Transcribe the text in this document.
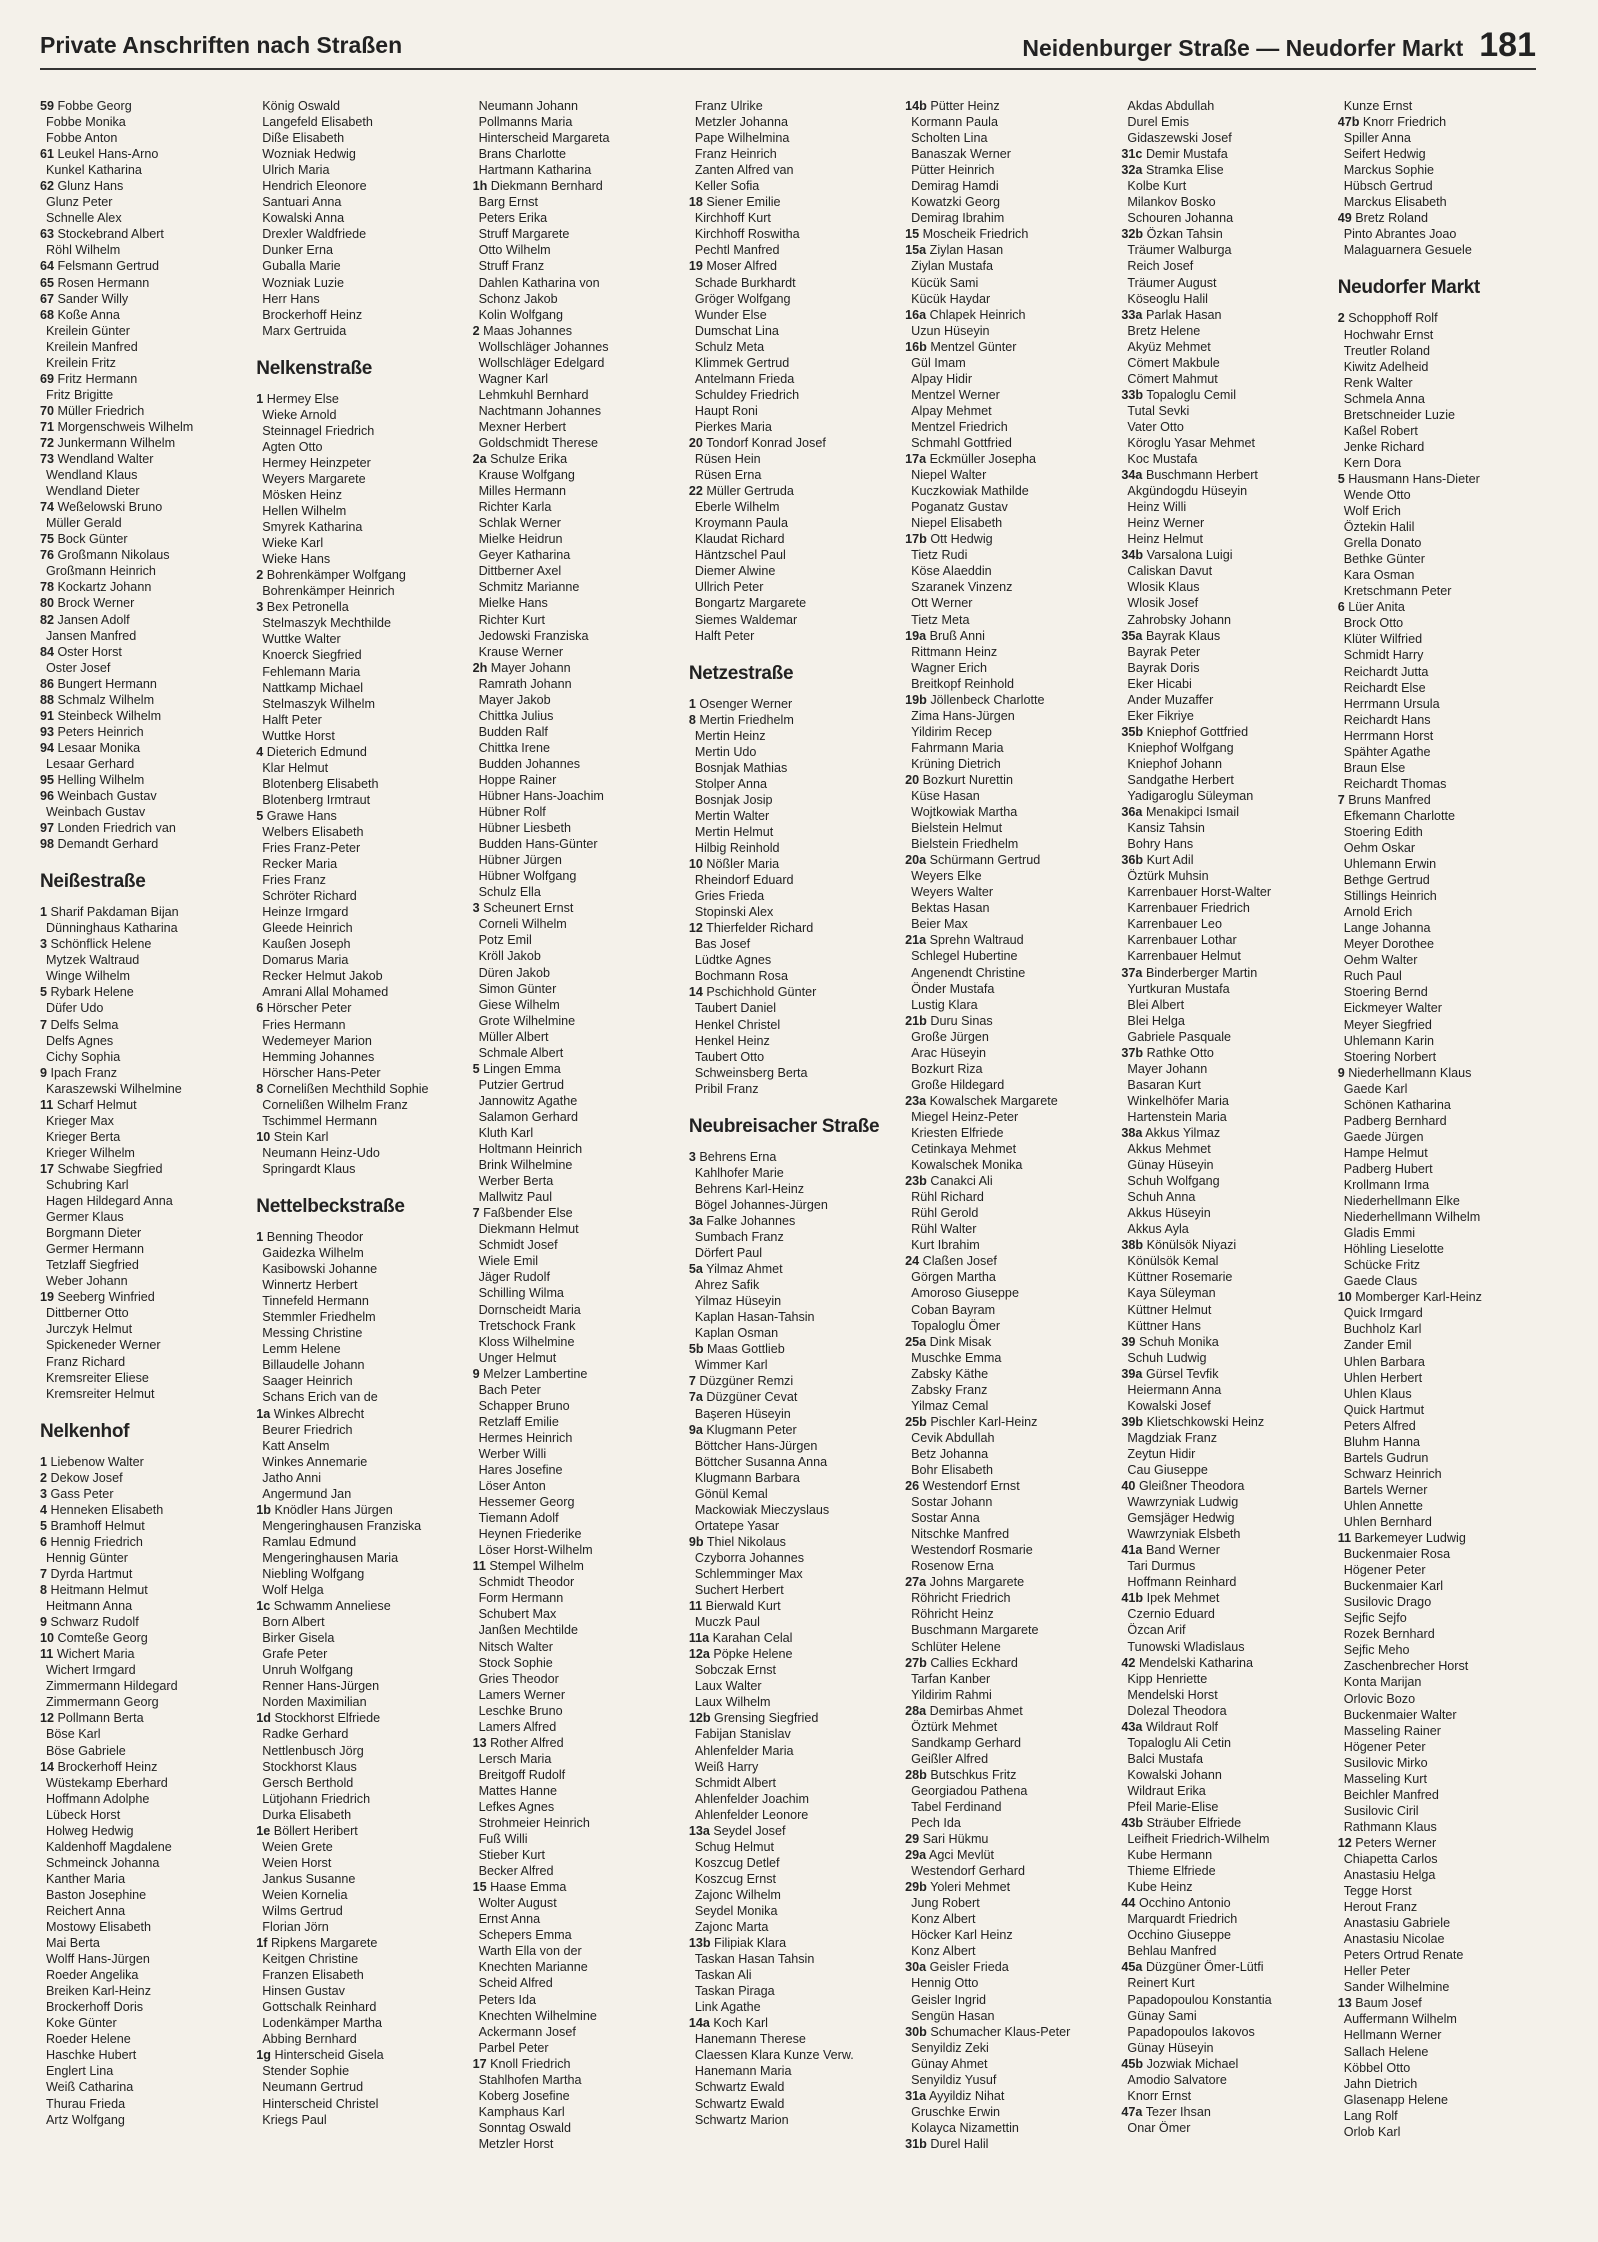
Private Anschriften nach Straßen	Neidenburger Straße — Neudorfer Markt 181
59 Fobbe Georg
Fobbe Monika
Fobbe Anton
61 Leukel Hans-Arno
Kunkel Katharina
62 Glunz Hans
Glunz Peter
Schnelle Alex
63 Stockebrand Albert
Röhl Wilhelm
64 Felsmann Gertrud
65 Rosen Hermann
67 Sander Willy
68 Koße Anna
Kreilein Günter
Kreilein Manfred
Kreilein Fritz
69 Fritz Hermann
Fritz Brigitte
70 Müller Friedrich
71 Morgenschweis Wilhelm
72 Junkermann Wilhelm
73 Wendland Walter
Wendland Klaus
Wendland Dieter
74 Weßelowski Bruno
Müller Gerald
75 Bock Günter
76 Großmann Nikolaus
Großmann Heinrich
78 Kockartz Johann
80 Brock Werner
82 Jansen Adolf
Jansen Manfred
84 Oster Horst
Oster Josef
86 Bungert Hermann
88 Schmalz Wilhelm
91 Steinbeck Wilhelm
93 Peters Heinrich
94 Lesaar Monika
Lesaar Gerhard
95 Helling Wilhelm
96 Weinbach Gustav
Weinbach Gustav
97 Londen Friedrich van
98 Demandt Gerhard
Neißestraße
1 Sharif Pakdaman Bijan
Dünninghaus Katharina
3 Schönflick Helene
Mytzek Waltraud
Winge Wilhelm
5 Rybark Helene
Düfer Udo
7 Delfs Selma
Delfs Agnes
Cichy Sophia
9 Ipach Franz
Karaszewski Wilhelmine
11 Scharf Helmut
Krieger Max
Krieger Berta
Krieger Wilhelm
17 Schwabe Siegfried
Schubring Karl
Hagen Hildegard Anna
Germer Klaus
Borgmann Dieter
Germer Hermann
Tetzlaff Siegfried
Weber Johann
19 Seeberg Winfried
Dittberner Otto
Jurczyk Helmut
Spickeneder Werner
Franz Richard
Kremsreiter Eliese
Kremsreiter Helmut
Nelkenhof
1 Liebenow Walter
2 Dekow Josef
3 Gass Peter
4 Henneken Elisabeth
5 Bramhoff Helmut
6 Hennig Friedrich
Hennig Günter
7 Dyrda Hartmut
8 Heitmann Helmut
Heitmann Anna
9 Schwarz Rudolf
10 Comteße Georg
11 Wichert Maria
Wichert Irmgard
Zimmermann Hildegard
Zimmermann Georg
12 Pollmann Berta
Böse Karl
Böse Gabriele
14 Brockerhoff Heinz
Wüstekamp Eberhard
Hoffmann Adolphe
Lübeck Horst
Holweg Hedwig
Kaldenhoff Magdalene
Schmeinck Johanna
Kanther Maria
Baston Josephine
Reichert Anna
Mostowy Elisabeth
Mai Berta
Wolff Hans-Jürgen
Roeder Angelika
Breiken Karl-Heinz
Brockerhoff Doris
Koke Günter
Roeder Helene
Haschke Hubert
Englert Lina
Weiß Catharina
Thurau Frieda
Artz Wolfgang
König Oswald
Langefeld Elisabeth
Diße Elisabeth
Wozniak Hedwig
Ulrich Maria
Hendrich Eleonore
Santuari Anna
Kowalski Anna
Drexler Waldfriede
Dunker Erna
Guballa Marie
Wozniak Luzie
Herr Hans
Brockerhoff Heinz
Marx Gertruida
Nelkenstraße
1 Hermey Else
Wieke Arnold
Steinnagel Friedrich
Agten Otto
Hermey Heinzpeter
Weyers Margarete
Mösken Heinz
Hellen Wilhelm
Smyrek Katharina
Wieke Karl
Wieke Hans
2 Bohrenkämper Wolfgang
Bohrenkämper Heinrich
3 Bex Petronella
Stelmaszyk Mechthilde
Wuttke Walter
Knoerck Siegfried
Fehlemann Maria
Nattkamp Michael
Stelmaszyk Wilhelm
Halft Peter
Wuttke Horst
4 Dieterich Edmund
Klar Helmut
Blotenberg Elisabeth
Blotenberg Irmtraut
5 Grawe Hans
Welbers Elisabeth
Fries Franz-Peter
Recker Maria
Fries Franz
Schröter Richard
Heinze Irmgard
Gleede Heinrich
Kaußen Joseph
Domarus Maria
Recker Helmut Jakob
Amrani Allal Mohamed
6 Hörscher Peter
Fries Hermann
Wedemeyer Marion
Hemming Johannes
Hörscher Hans-Peter
8 Cornelißen Mechthild Sophie
Cornelißen Wilhelm Franz
Tschimmel Hermann
10 Stein Karl
Neumann Heinz-Udo
Springardt Klaus
Nettelbeckstraße
1 Benning Theodor
Gaidezka Wilhelm
Kasibowski Johanne
Winnertz Herbert
Tinnefeld Hermann
Stemmler Friedhelm
Messing Christine
Lemm Helene
Billaudelle Johann
Saager Heinrich
Schans Erich van de
1a Winkes Albrecht
Beurer Friedrich
Katt Anselm
Winkes Annemarie
Jatho Anni
Angermund Jan
1b Knödler Hans Jürgen
Mengeringhausen Franziska
Ramlau Edmund
Mengeringhausen Maria
Niebling Wolfgang
Wolf Helga
1c Schwamm Anneliese
Born Albert
Birker Gisela
Grafe Peter
Unruh Wolfgang
Renner Hans-Jürgen
Norden Maximilian
1d Stockhorst Elfriede
Radke Gerhard
Nettlenbusch Jörg
Stockhorst Klaus
Gersch Berthold
Lütjohann Friedrich
Durka Elisabeth
1e Böllert Heribert
Weien Grete
Weien Horst
Jankus Susanne
Weien Kornelia
Wilms Gertrud
Florian Jörn
1f Ripkens Margarete
Keitgen Christine
Franzen Elisabeth
Hinsen Gustav
Gottschalk Reinhard
Lodenkämper Martha
Abbing Bernhard
1g Hinterscheid Gisela
Stender Sophie
Neumann Gertrud
Hinterscheid Christel
Kriegs Paul
Neumann Johann
Pollmanns Maria
Hinterscheid Margareta
Brans Charlotte
Hartmann Katharina
1h Diekmann Bernhard
Barg Ernst
Peters Erika
Struff Margarete
Otto Wilhelm
Struff Franz
Dahlen Katharina von
Schonz Jakob
Kolin Wolfgang
2 Maas Johannes
Wollschläger Johannes
Wollschläger Edelgard
Wagner Karl
Lehmkuhl Bernhard
Nachtmann Johannes
Mexner Herbert
Goldschmidt Therese
2a Schulze Erika
Krause Wolfgang
Milles Hermann
Richter Karla
Schlak Werner
Mielke Heidrun
Geyer Katharina
Dittberner Axel
Schmitz Marianne
Mielke Hans
Richter Kurt
Jedowski Franziska
Krause Werner
2h Mayer Johann
Ramrath Johann
Mayer Jakob
Chittka Julius
Budden Ralf
Chittka Irene
Budden Johannes
Hoppe Rainer
Hübner Hans-Joachim
Hübner Rolf
Hübner Liesbeth
Budden Hans-Günter
Hübner Jürgen
Hübner Wolfgang
Schulz Ella
3 Scheunert Ernst
Corneli Wilhelm
Potz Emil
Kröll Jakob
Düren Jakob
Simon Günter
Giese Wilhelm
Grote Wilhelmine
Müller Albert
Schmale Albert
5 Lingen Emma
Putzier Gertrud
Jannowitz Agathe
Salamon Gerhard
Kluth Karl
Holtmann Heinrich
Brink Wilhelmine
Werber Berta
Mallwitz Paul
7 Faßbender Else
Diekmann Helmut
Schmidt Josef
Wiele Emil
Jäger Rudolf
Schilling Wilma
Dornscheidt Maria
Tretschock Frank
Kloss Wilhelmine
Unger Helmut
9 Melzer Lambertine
Bach Peter
Schapper Bruno
Retzlaff Emilie
Hermes Heinrich
Werber Willi
Hares Josefine
Löser Anton
Hessemer Georg
Tiemann Adolf
Heynen Friederike
Löser Horst-Wilhelm
11 Stempel Wilhelm
Schmidt Theodor
Form Hermann
Schubert Max
Janßen Mechtilde
Nitsch Walter
Stock Sophie
Gries Theodor
Lamers Werner
Leschke Bruno
Lamers Alfred
13 Rother Alfred
Lersch Maria
Breitgoff Rudolf
Mattes Hanne
Lefkes Agnes
Strohmeier Heinrich
Fuß Willi
Stieber Kurt
Becker Alfred
15 Haase Emma
Wolter August
Ernst Anna
Schepers Emma
Warth Ella von der
Knechten Marianne
Scheid Alfred
Peters Ida
Knechten Wilhelmine
Ackermann Josef
Parbel Peter
17 Knoll Friedrich
Stahlhofen Martha
Koberg Josefine
Kamphaus Karl
Sonntag Oswald
Metzler Horst
Franz Ulrike
Metzler Johanna
Pape Wilhelmina
Franz Heinrich
Zanten Alfred van
Keller Sofia
18 Siener Emilie
Kirchhoff Kurt
Kirchhoff Roswitha
Pechtl Manfred
19 Moser Alfred
Schade Burkhardt
Gröger Wolfgang
Wunder Else
Dumschat Lina
Schulz Meta
Klimmek Gertrud
Antelmann Frieda
Schuldey Friedrich
Haupt Roni
Pierkes Maria
20 Tondorf Konrad Josef
Rüsen Hein
Rüsen Erna
22 Müller Gertruda
Eberle Wilhelm
Kroymann Paula
Klaudat Richard
Häntzschel Paul
Diemer Alwine
Ullrich Peter
Bongartz Margarete
Siemes Waldemar
Halft Peter
Netzestraße
1 Osenger Werner
8 Mertin Friedhelm
Mertin Heinz
Mertin Udo
Bosnjak Mathias
Stolper Anna
Bosnjak Josip
Mertin Walter
Mertin Helmut
Hilbig Reinhold
10 Nößler Maria
Rheindorf Eduard
Gries Frieda
Stopinski Alex
12 Thierfelder Richard
Bas Josef
Lüdtke Agnes
Bochmann Rosa
14 Pschichhold Günter
Taubert Daniel
Henkel Christel
Henkel Heinz
Taubert Otto
Schweinsberg Berta
Pribil Franz
Neubreisacher Straße
3 Behrens Erna
Kahlhofer Marie
Behrens Karl-Heinz
Bögel Johannes-Jürgen
3a Falke Johannes
Sumbach Franz
Dörfert Paul
5a Yilmaz Ahmet
Ahrez Safik
Yilmaz Hüseyin
Kaplan Hasan-Tahsin
Kaplan Osman
5b Maas Gottlieb
Wimmer Karl
7 Düzgüner Remzi
7a Düzgüner Cevat
Başeren Hüseyin
9a Klugmann Peter
Böttcher Hans-Jürgen
Böttcher Susanna Anna
Klugmann Barbara
Gönül Kemal
Mackowiak Mieczyslaus
Ortatepe Yasar
9b Thiel Nikolaus
Czyborra Johannes
Schlemminger Max
Suchert Herbert
11 Bierwald Kurt
Muczk Paul
11a Karahan Celal
12a Pöpke Helene
Sobczak Ernst
Laux Walter
Laux Wilhelm
12b Grensing Siegfried
Fabijan Stanislav
Ahlenfelder Maria
Weiß Harry
Schmidt Albert
Ahlenfelder Joachim
Ahlenfelder Leonore
13a Seydel Josef
Schug Helmut
Koszcug Detlef
Koszcug Ernst
Zajonc Wilhelm
Seydel Monika
Zajonc Marta
13b Filipiak Klara
Taskan Hasan Tahsin
Taskan Ali
Taskan Piraga
Link Agathe
14a Koch Karl
Hanemann Therese
Claessen Klara Kunze Verw.
Hanemann Maria
Schwartz Ewald
Schwartz Ewald
Schwartz Marion
14b Pütter Heinz
Kormann Paula
Scholten Lina
Banaszak Werner
Pütter Heinrich
Demirag Hamdi
Kowatzki Georg
Demirag Ibrahim
15 Moscheik Friedrich
15a Ziylan Hasan
Ziylan Mustafa
Kücük Sami
Kücük Haydar
16a Chlapek Heinrich
Uzun Hüseyin
16b Mentzel Günter
Gül Imam
Alpay Hidir
Mentzel Werner
Alpay Mehmet
Mentzel Friedrich
Schmahl Gottfried
17a Eckmüller Josepha
Niepel Walter
Kuczkowiak Mathilde
Poganatz Gustav
Niepel Elisabeth
17b Ott Hedwig
Tietz Rudi
Köse Alaeddin
Szaranek Vinzenz
Ott Werner
Tietz Meta
19a Bruß Anni
Rittmann Heinz
Wagner Erich
Breitkopf Reinhold
19b Jöllenbeck Charlotte
Zima Hans-Jürgen
Yildirim Recep
Fahrmann Maria
Krüning Dietrich
20 Bozkurt Nurettin
Küse Hasan
Wojtkowiak Martha
Bielstein Helmut
Bielstein Friedhelm
20a Schürmann Gertrud
Weyers Elke
Weyers Walter
Bektas Hasan
Beier Max
21a Sprehn Waltraud
Schlegel Hubertine
Angenendt Christine
Önder Mustafa
Lustig Klara
21b Duru Sinas
Große Jürgen
Arac Hüseyin
Bozkurt Riza
Große Hildegard
23a Kowalschek Margarete
Miegel Heinz-Peter
Kriesten Elfriede
Cetinkaya Mehmet
Kowalschek Monika
23b Canakci Ali
Rühl Richard
Rühl Gerold
Rühl Walter
Kurt Ibrahim
24 Claßen Josef
Görgen Martha
Amoroso Giuseppe
Coban Bayram
Topaloglu Ömer
25a Dink Misak
Muschke Emma
Zabsky Käthe
Zabsky Franz
Yilmaz Cemal
25b Pischler Karl-Heinz
Cevik Abdullah
Betz Johanna
Bohr Elisabeth
26 Westendorf Ernst
Sostar Johann
Sostar Anna
Nitschke Manfred
Westendorf Rosmarie
Rosenow Erna
27a Johns Margarete
Röhricht Friedrich
Röhricht Heinz
Buschmann Margarete
Schlüter Helene
27b Callies Eckhard
Tarfan Kanber
Yildirim Rahmi
28a Demirbas Ahmet
Öztürk Mehmet
Sandkamp Gerhard
Geißler Alfred
28b Butschkus Fritz
Georgiadou Pathena
Tabel Ferdinand
Pech Ida
29 Sari Hükmu
29a Agci Mevlüt
Westendorf Gerhard
29b Yoleri Mehmet
Jung Robert
Konz Albert
Höcker Karl Heinz
Konz Albert
30a Geisler Frieda
Hennig Otto
Geisler Ingrid
Sengün Hasan
30b Schumacher Klaus-Peter
Senyildiz Zeki
Günay Ahmet
Senyildiz Yusuf
31a Ayyildiz Nihat
Gruschke Erwin
Kolayca Nizamettin
31b Durel Halil
Akdas Abdullah
Durel Emis
Gidaszewski Josef
31c Demir Mustafa
32a Stramka Elise
Kolbe Kurt
Milankov Bosko
Schouren Johanna
32b Özkan Tahsin
Träumer Walburga
Reich Josef
Träumer August
Köseoglu Halil
33a Parlak Hasan
Bretz Helene
Akyüz Mehmet
Cömert Makbule
Cömert Mahmut
33b Topaloglu Cemil
Tutal Sevki
Vater Otto
Köroglu Yasar Mehmet
Koc Mustafa
34a Buschmann Herbert
Akgündogdu Hüseyin
Heinz Willi
Heinz Werner
Heinz Helmut
34b Varsalona Luigi
Caliskan Davut
Wlosik Klaus
Wlosik Josef
Zahrobsky Johann
35a Bayrak Klaus
Bayrak Peter
Bayrak Doris
Eker Hicabi
Ander Muzaffer
Eker Fikriye
35b Kniephof Gottfried
Kniephof Wolfgang
Kniephof Johann
Sandgathe Herbert
Yadigaroglu Süleyman
36a Menakipci Ismail
Kansiz Tahsin
Bohry Hans
36b Kurt Adil
Öztürk Muhsin
Karrenbauer Horst-Walter
Karrenbauer Friedrich
Karrenbauer Leo
Karrenbauer Lothar
Karrenbauer Helmut
37a Binderberger Martin
Yurtkuran Mustafa
Blei Albert
Blei Helga
Gabriele Pasquale
37b Rathke Otto
Mayer Johann
Basaran Kurt
Winkelhöfer Maria
Hartenstein Maria
38a Akkus Yilmaz
Akkus Mehmet
Günay Hüseyin
Schuh Wolfgang
Schuh Anna
Akkus Hüseyin
Akkus Ayla
38b Könülsök Niyazi
Könülsök Kemal
Küttner Rosemarie
Kaya Süleyman
Küttner Helmut
Küttner Hans
39 Schuh Monika
Schuh Ludwig
39a Gürsel Tevfik
Heiermann Anna
Kowalski Josef
39b Klietschkowski Heinz
Magdziak Franz
Zeytun Hidir
Cau Giuseppe
40 Gleißner Theodora
Wawrzyniak Ludwig
Gemsjäger Hedwig
Wawrzyniak Elsbeth
41a Band Werner
Tari Durmus
Hoffmann Reinhard
41b Ipek Mehmet
Czernio Eduard
Özcan Arif
Tunowski Wladislaus
42 Mendelski Katharina
Kipp Henriette
Mendelski Horst
Dolezal Theodora
43a Wildraut Rolf
Topaloglu Ali Cetin
Balci Mustafa
Kowalski Johann
Wildraut Erika
Pfeil Marie-Elise
43b Sträuber Elfriede
Leifheit Friedrich-Wilhelm
Kube Hermann
Thieme Elfriede
Kube Heinz
44 Occhino Antonio
Marquardt Friedrich
Occhino Giuseppe
Behlau Manfred
45a Düzgüner Ömer-Lütfi
Reinert Kurt
Papadopoulou Konstantia
Günay Sami
Papadopoulos Iakovos
Günay Hüseyin
45b Jozwiak Michael
Amodio Salvatore
Knorr Ernst
47a Tezer Ihsan
Onar Ömer
Kunze Ernst
47b Knorr Friedrich
Spiller Anna
Seifert Hedwig
Marckus Sophie
Hübsch Gertrud
Marckus Elisabeth
49 Bretz Roland
Pinto Abrantes Joao
Malaguarnera Gesuele
Neudorfer Markt
2 Schopphoff Rolf
Hochwahr Ernst
Treutler Roland
Kiwitz Adelheid
Renk Walter
Schmela Anna
Bretschneider Luzie
Kaßel Robert
Jenke Richard
Kern Dora
5 Hausmann Hans-Dieter
Wende Otto
Wolf Erich
Öztekin Halil
Grella Donato
Bethke Günter
Kara Osman
Kretschmann Peter
6 Lüer Anita
Brock Otto
Klüter Wilfried
Schmidt Harry
Reichardt Jutta
Reichardt Else
Herrmann Ursula
Reichardt Hans
Herrmann Horst
Spähter Agathe
Braun Else
Reichardt Thomas
7 Bruns Manfred
Efkemann Charlotte
Stoering Edith
Oehm Oskar
Uhlemann Erwin
Bethge Gertrud
Stillings Heinrich
Arnold Erich
Lange Johanna
Meyer Dorothee
Oehm Walter
Ruch Paul
Stoering Bernd
Eickmeyer Walter
Meyer Siegfried
Uhlemann Karin
Stoering Norbert
9 Niederhellmann Klaus
Gaede Karl
Schönen Katharina
Padberg Bernhard
Gaede Jürgen
Hampe Helmut
Padberg Hubert
Krollmann Irma
Niederhellmann Elke
Niederhellmann Wilhelm
Gladis Emmi
Höhling Lieselotte
Schücke Fritz
Gaede Claus
10 Momberger Karl-Heinz
Quick Irmgard
Buchholz Karl
Zander Emil
Uhlen Barbara
Uhlen Herbert
Uhlen Klaus
Quick Hartmut
Peters Alfred
Bluhm Hanna
Bartels Gudrun
Schwarz Heinrich
Bartels Werner
Uhlen Annette
Uhlen Bernhard
11 Barkemeyer Ludwig
Buckenmaier Rosa
Högener Peter
Buckenmaier Karl
Susilovic Drago
Sejfic Sejfo
Rozek Bernhard
Sejfic Meho
Zaschenbrecher Horst
Konta Marijan
Orlovic Bozo
Buckenmaier Walter
Masseling Rainer
Högener Peter
Susilovic Mirko
Masseling Kurt
Beichler Manfred
Susilovic Ciril
Rathmann Klaus
12 Peters Werner
Chiapetta Carlos
Anastasiu Helga
Tegge Horst
Herout Franz
Anastasiu Gabriele
Anastasiu Nicolae
Peters Ortrud Renate
Heller Peter
Sander Wilhelmine
13 Baum Josef
Auffermann Wilhelm
Hellmann Werner
Sallach Helene
Köbbel Otto
Jahn Dietrich
Glasenapp Helene
Lang Rolf
Orlob Karl
